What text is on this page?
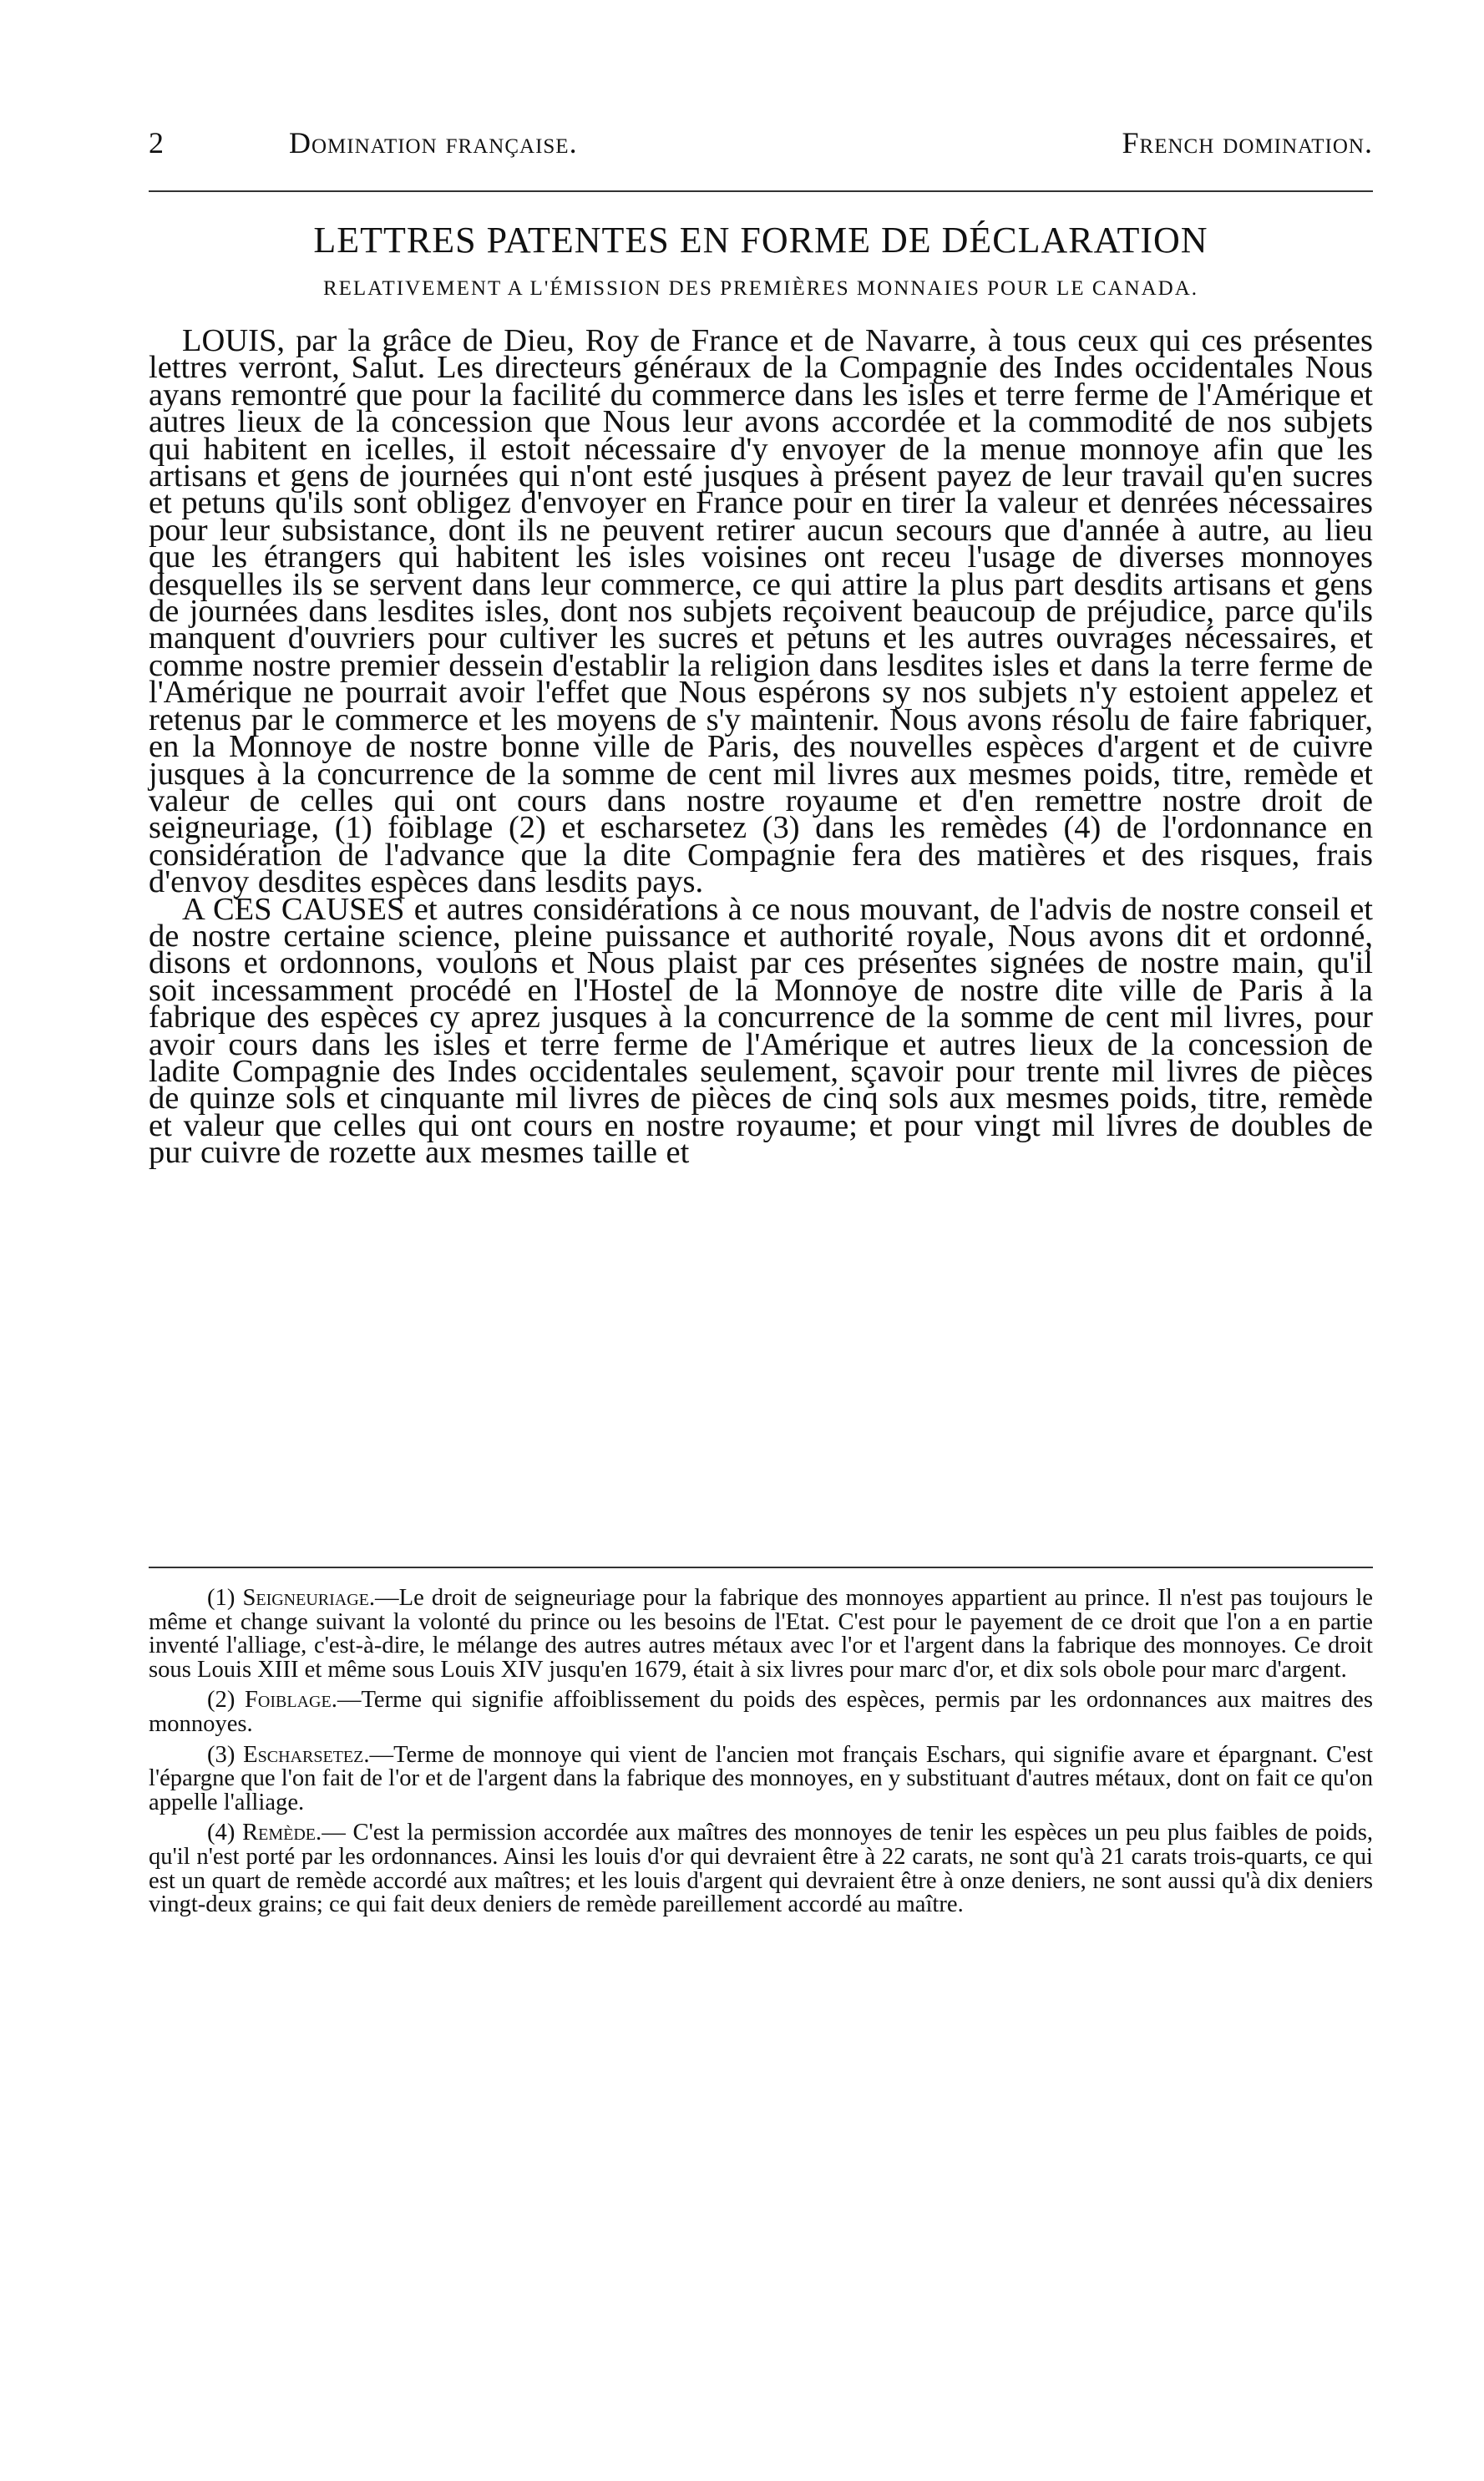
2	Domination française.	French domination.
LETTRES PATENTES EN FORME DE DÉCLARATION
RELATIVEMENT A L'ÉMISSION DES PREMIÈRES MONNAIES POUR LE CANADA.

LOUIS, par la grâce de Dieu, Roy de France et de Navarre, à tous ceux qui ces présentes lettres verront, Salut. Les directeurs généraux de la Compagnie des Indes occidentales Nous ayans remontré que pour la facilité du commerce dans les isles et terre ferme de l'Amérique et autres lieux de la concession que Nous leur avons accordée et la commodité de nos subjets qui habitent en icelles, il estoit nécessaire d'y envoyer de la menue monnoye afin que les artisans et gens de journées qui n'ont esté jusques à présent payez de leur travail qu'en sucres et petuns qu'ils sont obligez d'envoyer en France pour en tirer la valeur et denrées nécessaires pour leur subsistance, dont ils ne peuvent retirer aucun secours que d'année à autre, au lieu que les étrangers qui habitent les isles voisines ont receu l'usage de diverses monnoyes desquelles ils se servent dans leur commerce, ce qui attire la plus part desdits artisans et gens de journées dans lesdites isles, dont nos subjets reçoivent beaucoup de préjudice, parce qu'ils manquent d'ouvriers pour cultiver les sucres et petuns et les autres ouvrages nécessaires, et comme nostre premier dessein d'establir la religion dans lesdites isles et dans la terre ferme de l'Amérique ne pourrait avoir l'effet que Nous espérons sy nos subjets n'y estoient appelez et retenus par le commerce et les moyens de s'y maintenir. Nous avons résolu de faire fabriquer, en la Monnoye de nostre bonne ville de Paris, des nouvelles espèces d'argent et de cuivre jusques à la concurrence de la somme de cent mil livres aux mesmes poids, titre, remède et valeur de celles qui ont cours dans nostre royaume et d'en remettre nostre droit de seigneuriage, (1) foiblage (2) et escharsetez (3) dans les remèdes (4) de l'ordonnance en considération de l'advance que la dite Compagnie fera des matières et des risques, frais d'envoy desdites espèces dans lesdits pays.

A CES CAUSES et autres considérations à ce nous mouvant, de l'advis de nostre conseil et de nostre certaine science, pleine puissance et authorité royale, Nous avons dit et ordonné, disons et ordonnons, voulons et Nous plaist par ces présentes signées de nostre main, qu'il soit incessamment procédé en l'Hostel de la Monnoye de nostre dite ville de Paris à la fabrique des espèces cy aprez jusques à la concurrence de la somme de cent mil livres, pour avoir cours dans les isles et terre ferme de l'Amérique et autres lieux de la concession de ladite Compagnie des Indes occidentales seulement, sçavoir pour trente mil livres de pièces de quinze sols et cinquante mil livres de pièces de cinq sols aux mesmes poids, titre, remède et valeur que celles qui ont cours en nostre royaume; et pour vingt mil livres de doubles de pur cuivre de rozette aux mesmes taille et

(1) Seigneuriage.—Le droit de seigneuriage pour la fabrique des monnoyes appartient au prince. Il n'est pas toujours le même et change suivant la volonté du prince ou les besoins de l'Etat. C'est pour le payement de ce droit que l'on a en partie inventé l'alliage, c'est-à-dire, le mélange des autres autres métaux avec l'or et l'argent dans la fabrique des monnoyes. Ce droit sous Louis XIII et même sous Louis XIV jusqu'en 1679, était à six livres pour marc d'or, et dix sols obole pour marc d'argent.

(2) Foiblage.—Terme qui signifie affoiblissement du poids des espèces, permis par les ordonnances aux maitres des monnoyes.

(3) Escharsetez.—Terme de monnoye qui vient de l'ancien mot français Eschars, qui signifie avare et épargnant. C'est l'épargne que l'on fait de l'or et de l'argent dans la fabrique des monnoyes, en y substituant d'autres métaux, dont on fait ce qu'on appelle l'alliage.

(4) Remède.— C'est la permission accordée aux maîtres des monnoyes de tenir les espèces un peu plus faibles de poids, qu'il n'est porté par les ordonnances. Ainsi les louis d'or qui devraient être à 22 carats, ne sont qu'à 21 carats trois-quarts, ce qui est un quart de remède accordé aux maîtres; et les louis d'argent qui devraient être à onze deniers, ne sont aussi qu'à dix deniers vingt-deux grains; ce qui fait deux deniers de remède pareillement accordé au maître.
